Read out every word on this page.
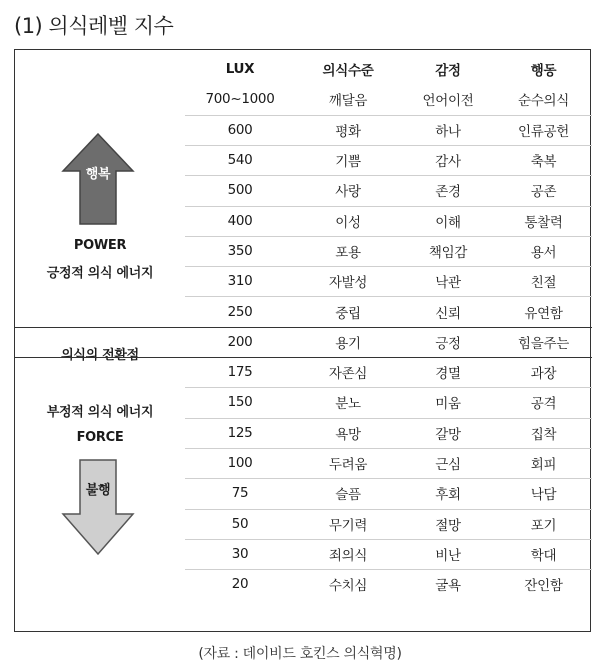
(1) 의식레벨 지수
행복
POWER
긍정적 의식 에너지
의식의 전환점
부정적 의식 에너지
FORCE
불행
LUX	의식수준	감정	행동
700~1000	깨달음	언어이전	순수의식
600	평화	하나	인류공헌
540	기쁨	감사	축복
500	사랑	존경	공존
400	이성	이해	통찰력
350	포용	책임감	용서
310	자발성	낙관	친절
250	중립	신뢰	유연함
200	용기	긍정	힘을주는
175	자존심	경멸	과장
150	분노	미움	공격
125	욕망	갈망	집착
100	두려움	근심	회피
75	슬픔	후회	낙담
50	무기력	절망	포기
30	죄의식	비난	학대
20	수치심	굴욕	잔인함
(자료 : 데이비드 호킨스 의식혁명)
